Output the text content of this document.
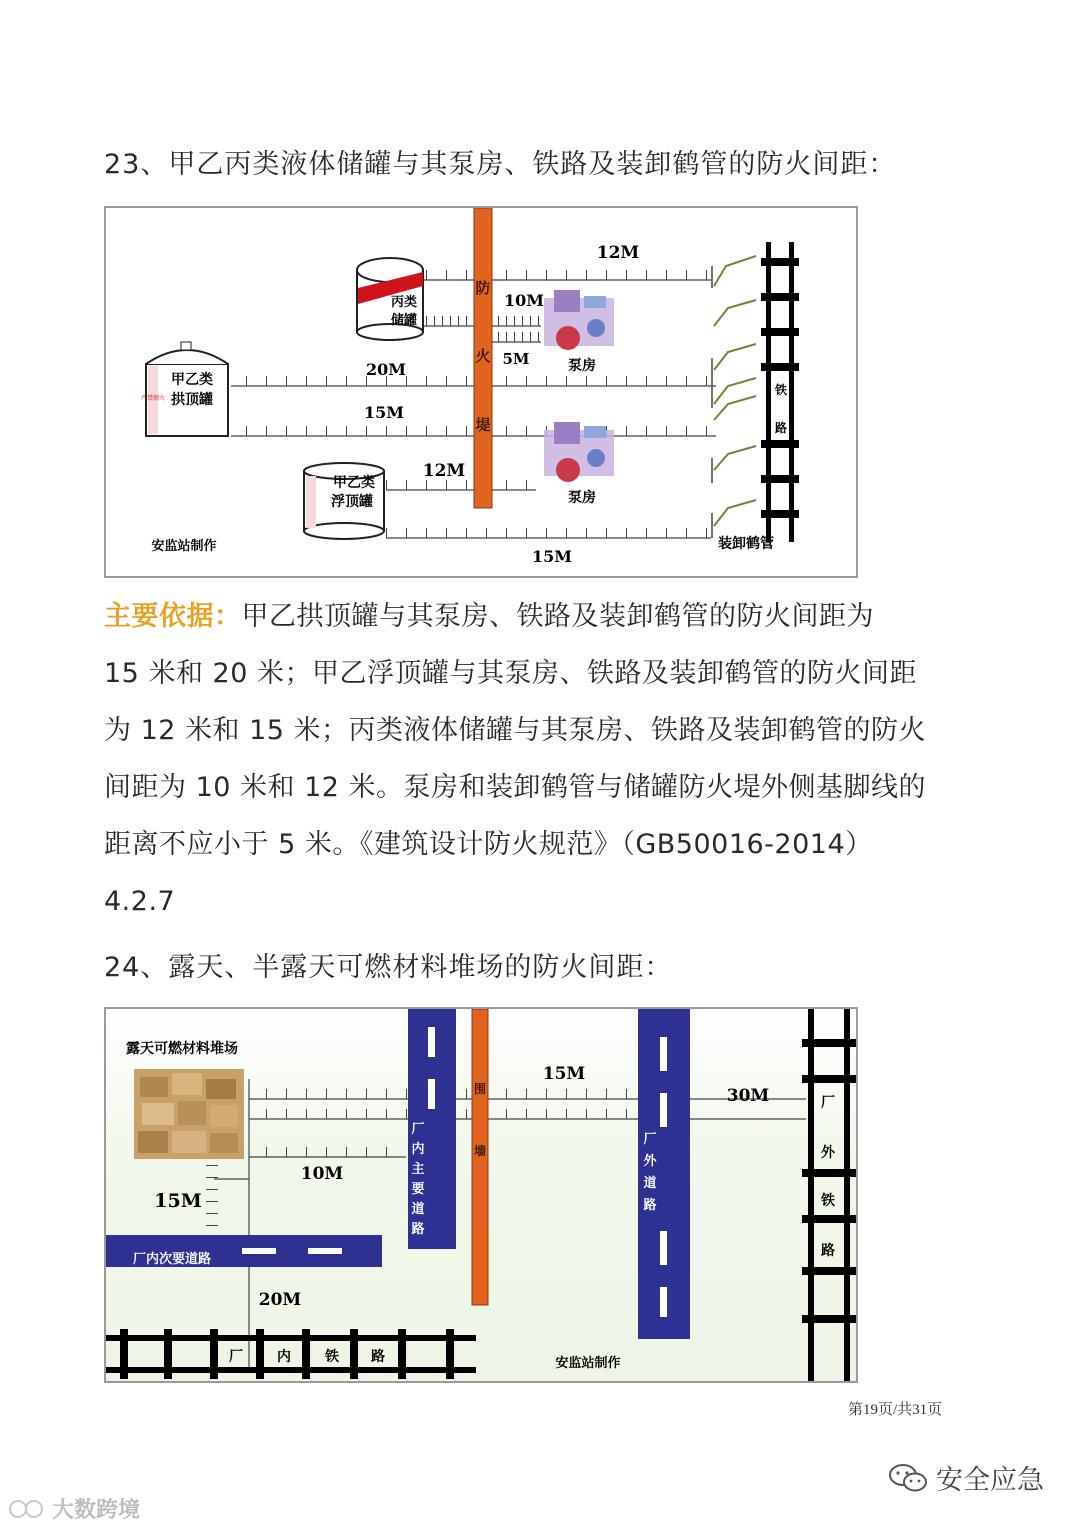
23、甲乙丙类液体储罐与其泵房、铁路及装卸鹤管的防火间距：
防
火
堤
丙类
储罐
严禁烟火
甲乙类
拱顶罐
甲乙类
浮顶罐
泵房
泵房
铁
路
12M
10M
5M
20M
15M
12M
15M
装卸鹤管
安监站制作
主要依据：甲乙拱顶罐与其泵房、铁路及装卸鹤管的防火间距为
15 米和 20 米；甲乙浮顶罐与其泵房、铁路及装卸鹤管的防火间距
为 12 米和 15 米；丙类液体储罐与其泵房、铁路及装卸鹤管的防火
间距为 10 米和 12 米。泵房和装卸鹤管与储罐防火堤外侧基脚线的
距离不应小于 5 米。《建筑设计防火规范》（GB50016-2014）
4.2.7
24、露天、半露天可燃材料堆场的防火间距：
露天可燃材料堆场
厂
内
主
要
道
路
围
墙
厂
外
道
路
厂
外
铁
路
厂内次要道路
厂 内 铁 路
15M
30M
10M
15M
20M
安监站制作
第19页/共31页
安全应急
大数跨境
